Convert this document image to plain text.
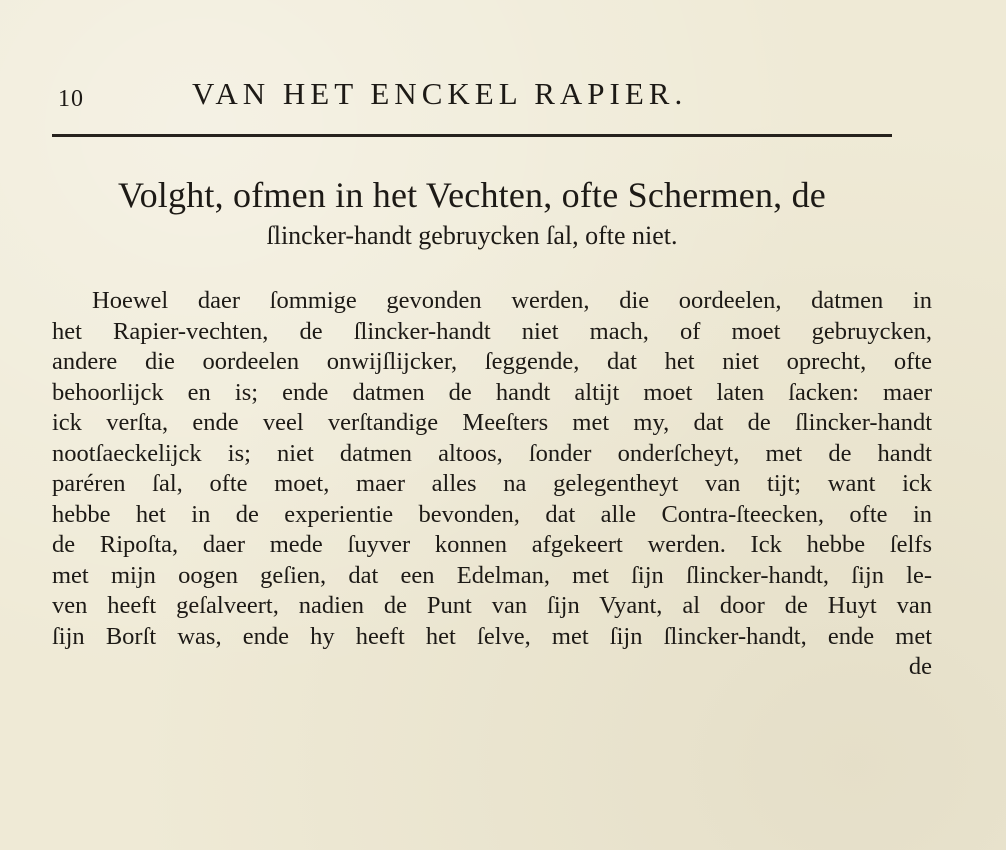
10	VAN HET ENCKEL RAPIER.
Volght, ofmen in het Vechten, ofte Schermen, de
ſlincker-handt gebruycken ſal, ofte niet.
Hoewel daer ſommige gevonden werden, die oordeelen, datmen in
het Rapier-vechten, de ſlincker-handt niet mach, of moet gebruycken,
andere die oordeelen onwijſlijcker, ſeggende, dat het niet oprecht, ofte
behoorlijck en is; ende datmen de handt altijt moet laten ſacken: maer
ick verſta, ende veel verſtandige Meeſters met my, dat de ſlincker-handt
nootſaeckelijck is; niet datmen altoos, ſonder onderſcheyt, met de handt
paréren ſal, ofte moet, maer alles na gelegentheyt van tijt; want ick
hebbe het in de experientie bevonden, dat alle Contra-ſteecken, ofte in
de Ripoſta, daer mede ſuyver konnen afgekeert werden. Ick hebbe ſelfs
met mijn oogen geſien, dat een Edelman, met ſijn ſlincker-handt, ſijn le-
ven heeft geſalveert, nadien de Punt van ſijn Vyant, al door de Huyt van
ſijn Borſt was, ende hy heeft het ſelve, met ſijn ſlincker-handt, ende met
de
